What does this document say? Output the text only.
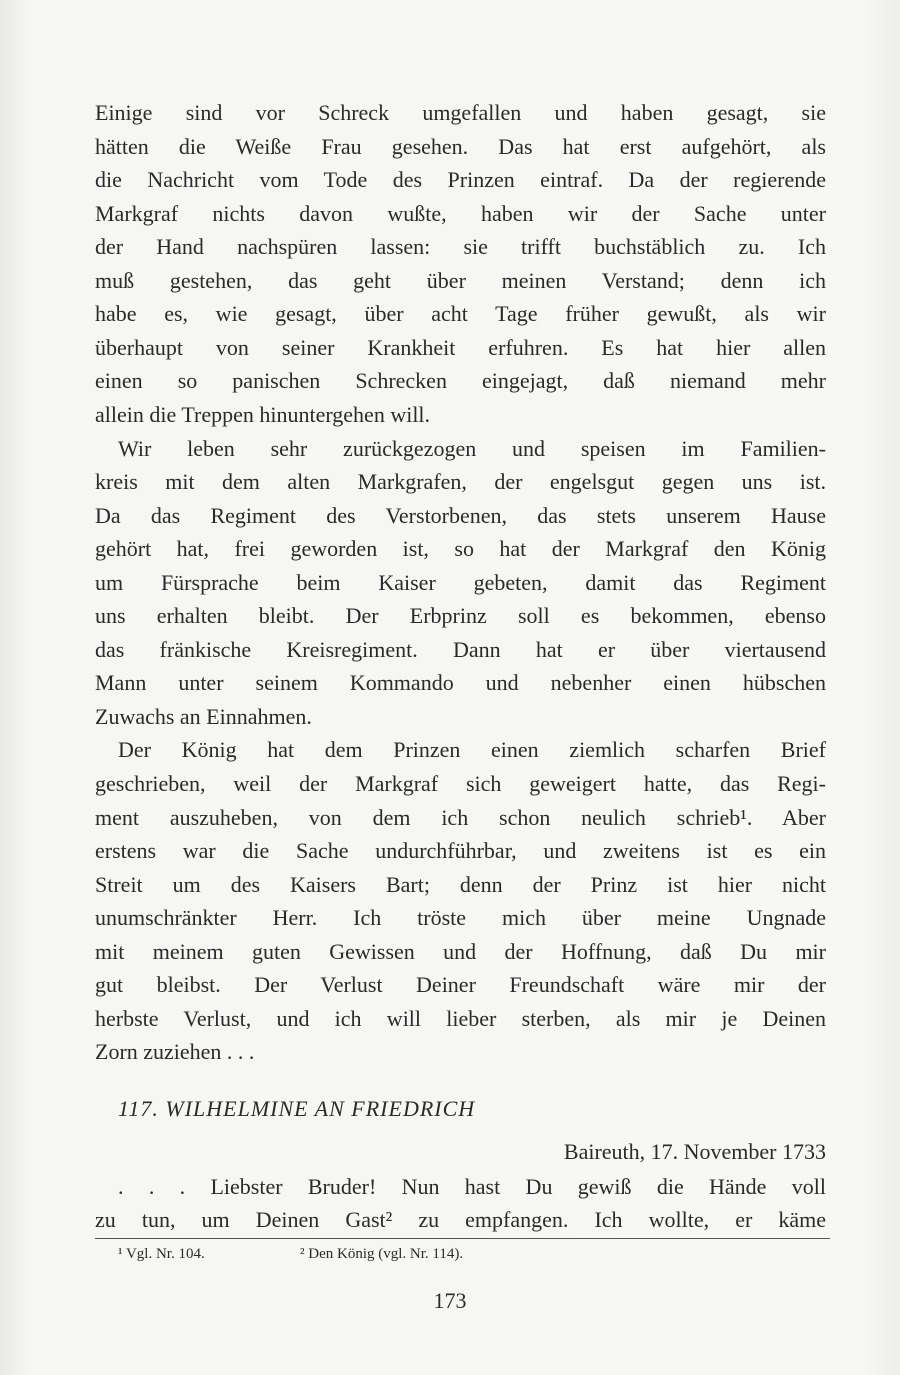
Einige sind vor Schreck umgefallen und haben gesagt, sie
hätten die Weiße Frau gesehen. Das hat erst aufgehört, als
die Nachricht vom Tode des Prinzen eintraf. Da der regierende
Markgraf nichts davon wußte, haben wir der Sache unter
der Hand nachspüren lassen: sie trifft buchstäblich zu. Ich
muß gestehen, das geht über meinen Verstand; denn ich
habe es, wie gesagt, über acht Tage früher gewußt, als wir
überhaupt von seiner Krankheit erfuhren. Es hat hier allen
einen so panischen Schrecken eingejagt, daß niemand mehr
allein die Treppen hinuntergehen will.
Wir leben sehr zurückgezogen und speisen im Familien-
kreis mit dem alten Markgrafen, der engelsgut gegen uns ist.
Da das Regiment des Verstorbenen, das stets unserem Hause
gehört hat, frei geworden ist, so hat der Markgraf den König
um Fürsprache beim Kaiser gebeten, damit das Regiment
uns erhalten bleibt. Der Erbprinz soll es bekommen, ebenso
das fränkische Kreisregiment. Dann hat er über viertausend
Mann unter seinem Kommando und nebenher einen hübschen
Zuwachs an Einnahmen.
Der König hat dem Prinzen einen ziemlich scharfen Brief
geschrieben, weil der Markgraf sich geweigert hatte, das Regi-
ment auszuheben, von dem ich schon neulich schrieb¹. Aber
erstens war die Sache undurchführbar, und zweitens ist es ein
Streit um des Kaisers Bart; denn der Prinz ist hier nicht
unumschränkter Herr. Ich tröste mich über meine Ungnade
mit meinem guten Gewissen und der Hoffnung, daß Du mir
gut bleibst. Der Verlust Deiner Freundschaft wäre mir der
herbste Verlust, und ich will lieber sterben, als mir je Deinen
Zorn zuziehen . . .
117. WILHELMINE AN FRIEDRICH
Baireuth, 17. November 1733
. . . Liebster Bruder! Nun hast Du gewiß die Hände voll
zu tun, um Deinen Gast² zu empfangen. Ich wollte, er käme
¹ Vgl. Nr. 104.	² Den König (vgl. Nr. 114).
173
